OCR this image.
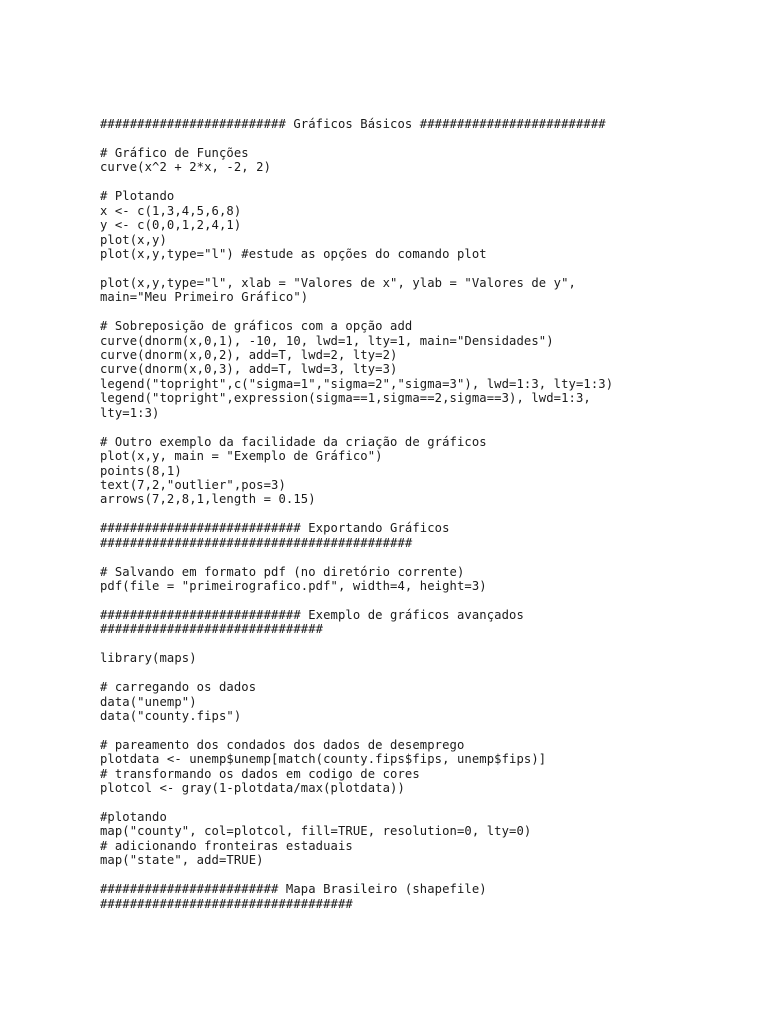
######################### Gráficos Básicos #########################
# Gráfico de Funções
curve(x^2 + 2*x, -2, 2)
# Plotando
x <- c(1,3,4,5,6,8)
y <- c(0,0,1,2,4,1)
plot(x,y)
plot(x,y,type="l") #estude as opções do comando plot
plot(x,y,type="l", xlab = "Valores de x", ylab = "Valores de y",
main="Meu Primeiro Gráfico")
# Sobreposição de gráficos com a opção add
curve(dnorm(x,0,1), -10, 10, lwd=1, lty=1, main="Densidades")
curve(dnorm(x,0,2), add=T, lwd=2, lty=2)
curve(dnorm(x,0,3), add=T, lwd=3, lty=3)
legend("topright",c("sigma=1","sigma=2","sigma=3"), lwd=1:3, lty=1:3)
legend("topright",expression(sigma==1,sigma==2,sigma==3), lwd=1:3,
lty=1:3)
# Outro exemplo da facilidade da criação de gráficos
plot(x,y, main = "Exemplo de Gráfico")
points(8,1)
text(7,2,"outlier",pos=3)
arrows(7,2,8,1,length = 0.15)
########################### Exportando Gráficos
##########################################
# Salvando em formato pdf (no diretório corrente)
pdf(file = "primeirografico.pdf", width=4, height=3)
########################### Exemplo de gráficos avançados
##############################
library(maps)
# carregando os dados
data("unemp")
data("county.fips")
# pareamento dos condados dos dados de desemprego
plotdata <- unemp$unemp[match(county.fips$fips, unemp$fips)]
# transformando os dados em codigo de cores
plotcol <- gray(1-plotdata/max(plotdata))
#plotando
map("county", col=plotcol, fill=TRUE, resolution=0, lty=0)
# adicionando fronteiras estaduais
map("state", add=TRUE)
######################## Mapa Brasileiro (shapefile)
##################################
